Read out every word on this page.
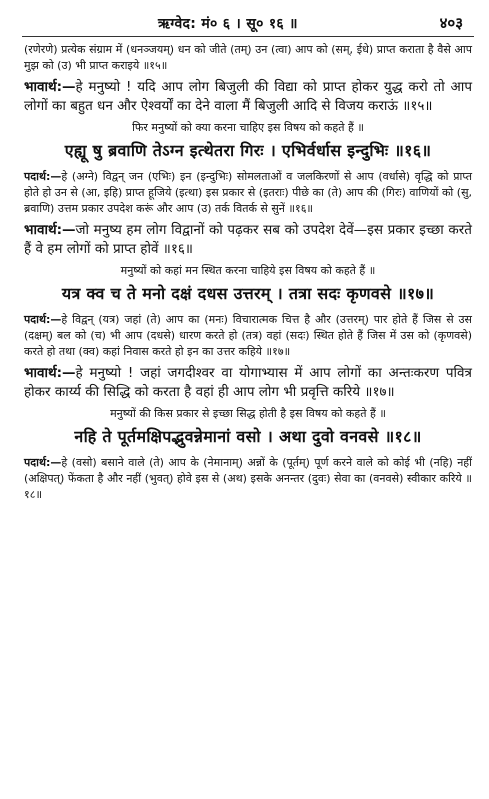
ऋग्वेद: मं० ६ । सू० १६ ॥	४०३

(रणेरणे) प्रत्येक संग्राम में (धनञ्जयम्) धन को जीते (तम्) उन (त्वा) आप को (सम्, ईधे) प्राप्त कराता है वैसे आप मुझ को (उ) भी प्राप्त कराइये ॥१५॥

भावार्थ:—हे मनुष्यो ! यदि आप लोग बिजुली की विद्या को प्राप्त होकर युद्ध करो तो आप लोगों का बहुत धन और ऐश्वर्यों का देने वाला मैं बिजुली आदि से विजय कराऊं ॥१५॥

फिर मनुष्यों को क्या करना चाहिए इस विषय को कहते हैं ॥

एह्यू षु ब्रवाणि तेऽग्न इत्थेतरा गिरः । एभिर्वर्धास इन्दुभिः ॥१६॥

पदार्थ:—हे (अग्ने) विद्वन् जन (एभिः) इन (इन्दुभिः) सोमलताओं व जलकिरणों से आप (वर्धासे) वृद्धि को प्राप्त होते हो उन से (आ, इहि) प्राप्त हूजिये (इत्था) इस प्रकार से (इतराः) पीछे का (ते) आप की (गिरः) वाणियों को (सु, ब्रवाणि) उत्तम प्रकार उपदेश करूं और आप (उ) तर्क वितर्क से सुनें ॥१६॥

भावार्थ:—जो मनुष्य हम लोग विद्वानों को पढ़कर सब को उपदेश देवें—इस प्रकार इच्छा करते हैं वे हम लोगों को प्राप्त होवें ॥१६॥

मनुष्यों को कहां मन स्थित करना चाहिये इस विषय को कहते हैं ॥

यत्र क्व च ते मनो दक्षं दधस उत्तरम् । तत्रा सदः कृणवसे ॥१७॥

पदार्थ:—हे विद्वन् (यत्र) जहां (ते) आप का (मनः) विचारात्मक चित्त है और (उत्तरम्) पार होते हैं जिस से उस (दक्षम्) बल को (च) भी आप (दधसे) धारण करते हो (तत्र) वहां (सदः) स्थित होते हैं जिस में उस को (कृणवसे) करते हो तथा (क्व) कहां निवास करते हो इन का उत्तर कहिये ॥१७॥

भावार्थ:—हे मनुष्यो ! जहां जगदीश्वर वा योगाभ्यास में आप लोगों का अन्तःकरण पवित्र होकर कार्य्य की सिद्धि को करता है वहां ही आप लोग भी प्रवृत्ति करिये ॥१७॥

मनुष्यों की किस प्रकार से इच्छा सिद्ध होती है इस विषय को कहते हैं ॥

नहि ते पूर्तमक्षिपद्भुवन्नेमानां वसो । अथा दुवो वनवसे ॥१८॥

पदार्थ:—हे (वसो) बसाने वाले (ते) आप के (नेमानाम्) अन्नों के (पूर्तम्) पूर्ण करने वाले को कोई भी (नहि) नहीं (अक्षिपत्) फेंकता है और नहीं (भुवत्) होवे इस से (अथ) इसके अनन्तर (दुवः) सेवा का (वनवसे) स्वीकार करिये ॥१८॥
